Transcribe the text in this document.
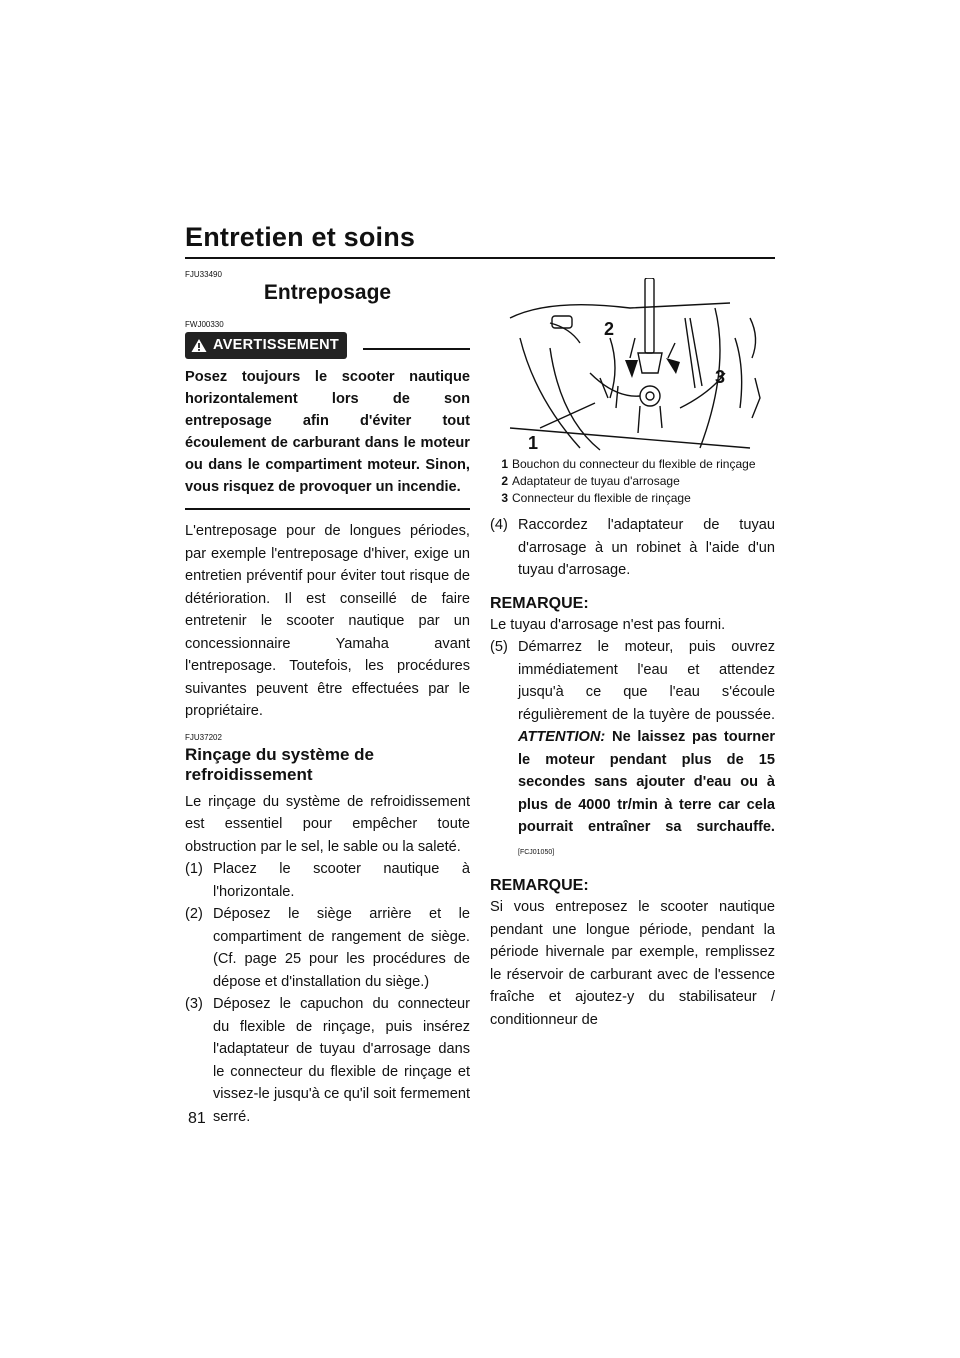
Entretien et soins
FJU33490
Entreposage
FWJ00330
AVERTISSEMENT

Posez toujours le scooter nautique horizontalement lors de son entreposage afin d'éviter tout écoulement de carburant dans le moteur ou dans le compartiment moteur. Sinon, vous risquez de provoquer un incendie.

L'entreposage pour de longues périodes, par exemple l'entreposage d'hiver, exige un entretien préventif pour éviter tout risque de détérioration. Il est conseillé de faire entretenir le scooter nautique par un concessionnaire Yamaha avant l'entreposage. Toutefois, les procédures suivantes peuvent être effectuées par le propriétaire.

FJU37202
Rinçage du système de refroidissement

Le rinçage du système de refroidissement est essentiel pour empêcher toute obstruction par le sel, le sable ou la saleté.

(1) Placez le scooter nautique à l'horizontale.
(2) Déposez le siège arrière et le compartiment de rangement de siège. (Cf. page 25 pour les procédures de dépose et d'installation du siège.)
(3) Déposez le capuchon du connecteur du flexible de rinçage, puis insérez l'adaptateur de tuyau d'arrosage dans le connecteur du flexible de rinçage et vissez-le jusqu'à ce qu'il soit fermement serré.
2
3
1
1 Bouchon du connecteur du flexible de rinçage
2 Adaptateur de tuyau d'arrosage
3 Connecteur du flexible de rinçage
(4) Raccordez l'adaptateur de tuyau d'arrosage à un robinet à l'aide d'un tuyau d'arrosage.
REMARQUE:

Le tuyau d'arrosage n'est pas fourni.

(5) Démarrez le moteur, puis ouvrez immédiatement l'eau et attendez jusqu'à ce que l'eau s'écoule régulièrement de la tuyère de poussée. ATTENTION: Ne laissez pas tourner le moteur pendant plus de 15 secondes sans ajouter d'eau ou à plus de 4000 tr/min à terre car cela pourrait entraîner sa surchauffe. [FCJ01050]
REMARQUE:

Si vous entreposez le scooter nautique pendant une longue période, pendant la période hivernale par exemple, remplissez le réservoir de carburant avec de l'essence fraîche et ajoutez-y du stabilisateur / conditionneur de

81
